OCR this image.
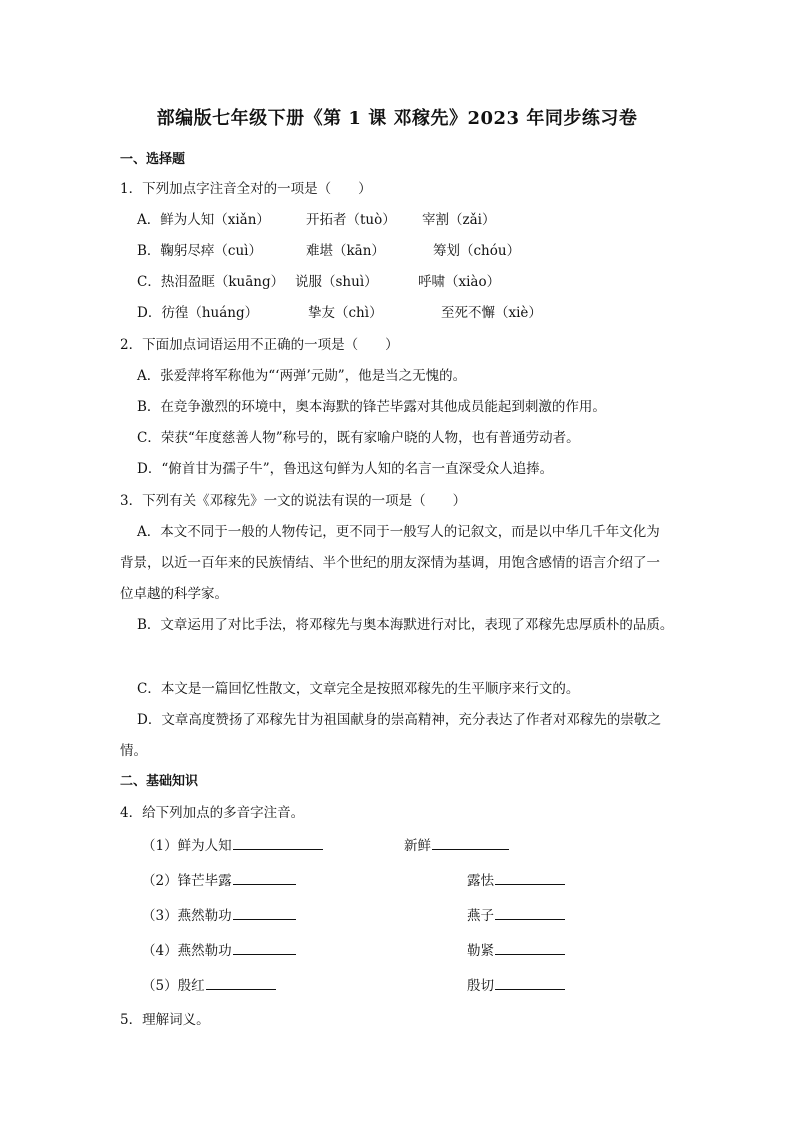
部编版七年级下册《第 1 课 邓稼先》2023 年同步练习卷
一、选择题
1．下列加点字注音全对的一项是（　　）
A．鲜为人知（xiǎn）	开拓者（tuò） 宰割（zǎi）
B．鞠躬尽瘁（cuì）	难堪（kān）	筹划（chóu）
C．热泪盈眶（kuāng） 说服（shuì）	呼啸（xiào）
D．彷徨（huáng）	挚友（chì）	至死不懈（xiè）
2．下面加点词语运用不正确的一项是（　　）
A．张爱萍将军称他为“‘两弹’元勋”，他是当之无愧的。
B．在竞争激烈的环境中，奥本海默的锋芒毕露对其他成员能起到刺激的作用。
C．荣获“年度慈善人物”称号的，既有家喻户晓的人物，也有普通劳动者。
D．“俯首甘为孺子牛”，鲁迅这句鲜为人知的名言一直深受众人追捧。
3．下列有关《邓稼先》一文的说法有误的一项是（　　）
A．本文不同于一般的人物传记，更不同于一般写人的记叙文，而是以中华几千年文化为
背景，以近一百年来的民族情结、半个世纪的朋友深情为基调，用饱含感情的语言介绍了一
位卓越的科学家。
B．文章运用了对比手法，将邓稼先与奥本海默进行对比，表现了邓稼先忠厚质朴的品质。
C．本文是一篇回忆性散文，文章完全是按照邓稼先的生平顺序来行文的。
D．文章高度赞扬了邓稼先甘为祖国献身的崇高精神，充分表达了作者对邓稼先的崇敬之
情。
二、基础知识
4．给下列加点的多音字注音。
（1）鲜为人知	新鲜
（2）锋芒毕露	露怯
（3）燕然勒功	燕子
（4）燕然勒功	勒紧
（5）殷红	殷切
5．理解词义。
